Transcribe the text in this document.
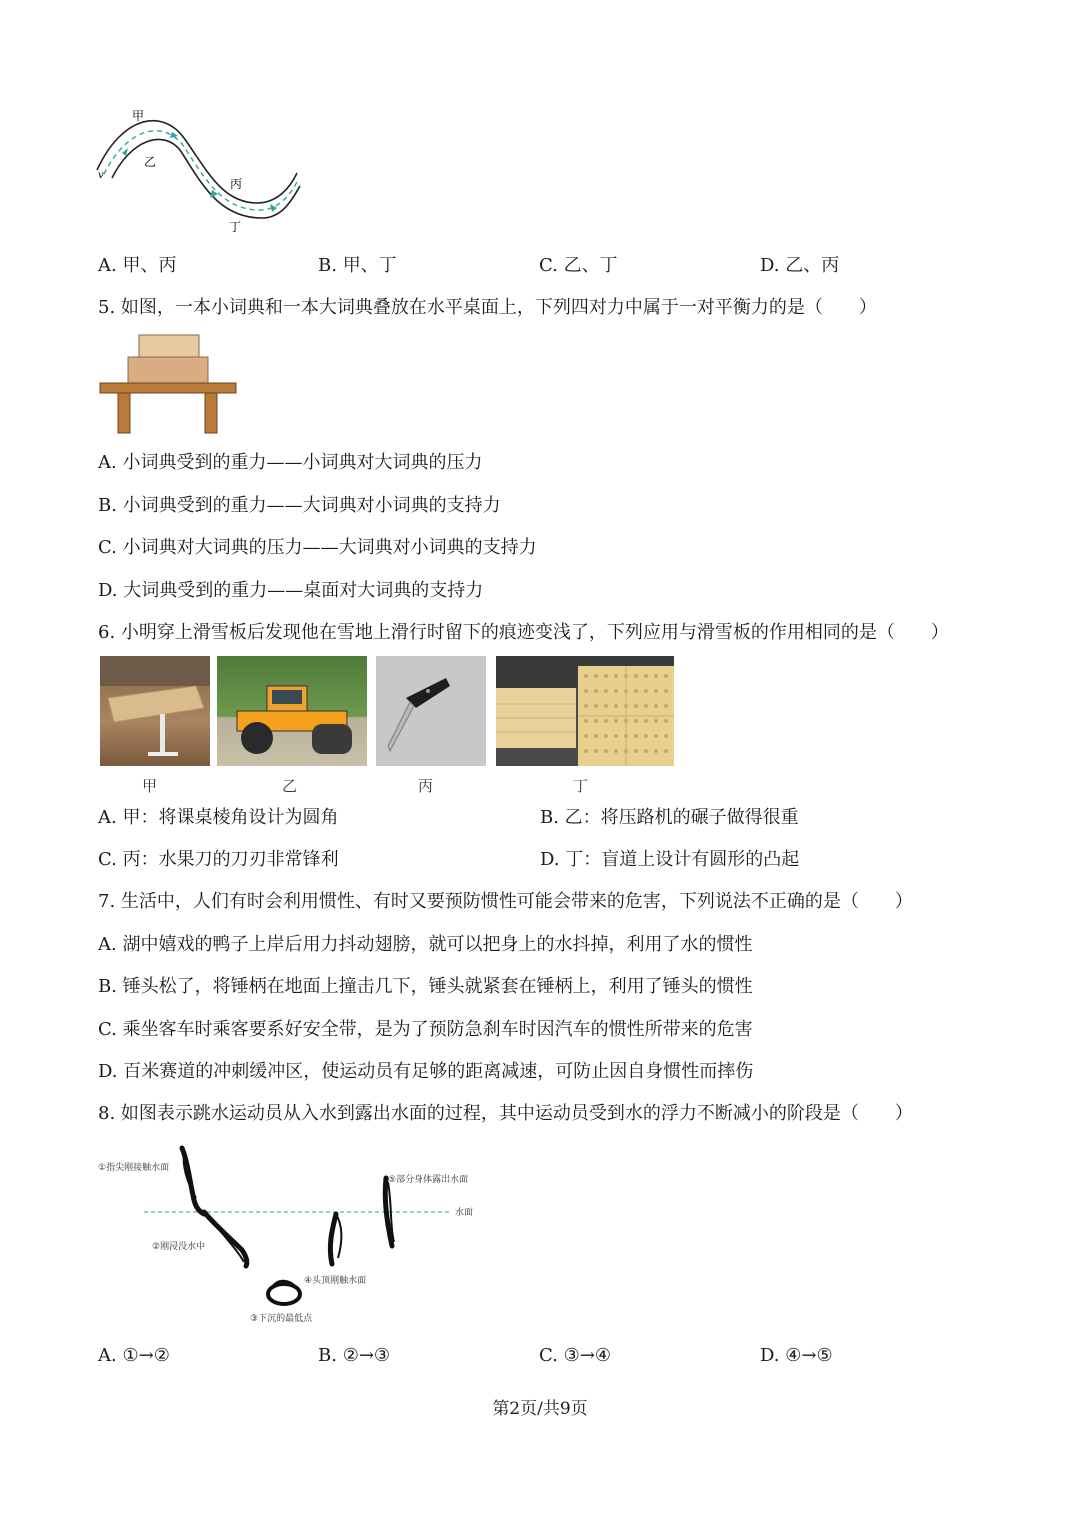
甲
乙
丙
丁
v
A. 甲、丙	B. 甲、丁	C. 乙、丁	D. 乙、丙
5. 如图，一本小词典和一本大词典叠放在水平桌面上，下列四对力中属于一对平衡力的是（　　）
A. 小词典受到的重力——小词典对大词典的压力
B. 小词典受到的重力——大词典对小词典的支持力
C. 小词典对大词典的压力——大词典对小词典的支持力
D. 大词典受到的重力——桌面对大词典的支持力
6. 小明穿上滑雪板后发现他在雪地上滑行时留下的痕迹变浅了，下列应用与滑雪板的作用相同的是（　　）
甲	乙	丙	丁
A. 甲：将课桌棱角设计为圆角	B. 乙：将压路机的碾子做得很重
C. 丙：水果刀的刀刃非常锋利	D. 丁：盲道上设计有圆形的凸起
7. 生活中，人们有时会利用惯性、有时又要预防惯性可能会带来的危害，下列说法不正确的是（　　）
A. 湖中嬉戏的鸭子上岸后用力抖动翅膀，就可以把身上的水抖掉，利用了水的惯性
B. 锤头松了，将锤柄在地面上撞击几下，锤头就紧套在锤柄上，利用了锤头的惯性
C. 乘坐客车时乘客要系好安全带，是为了预防急刹车时因汽车的惯性所带来的危害
D. 百米赛道的冲刺缓冲区，使运动员有足够的距离减速，可防止因自身惯性而摔伤
8. 如图表示跳水运动员从入水到露出水面的过程，其中运动员受到水的浮力不断减小的阶段是（　　）
水面
①指尖刚接触水面
②刚浸没水中
③下沉的最低点
④头顶刚触水面
⑤部分身体露出水面
A. ①→②	B. ②→③	C. ③→④	D. ④→⑤
第2页/共9页
